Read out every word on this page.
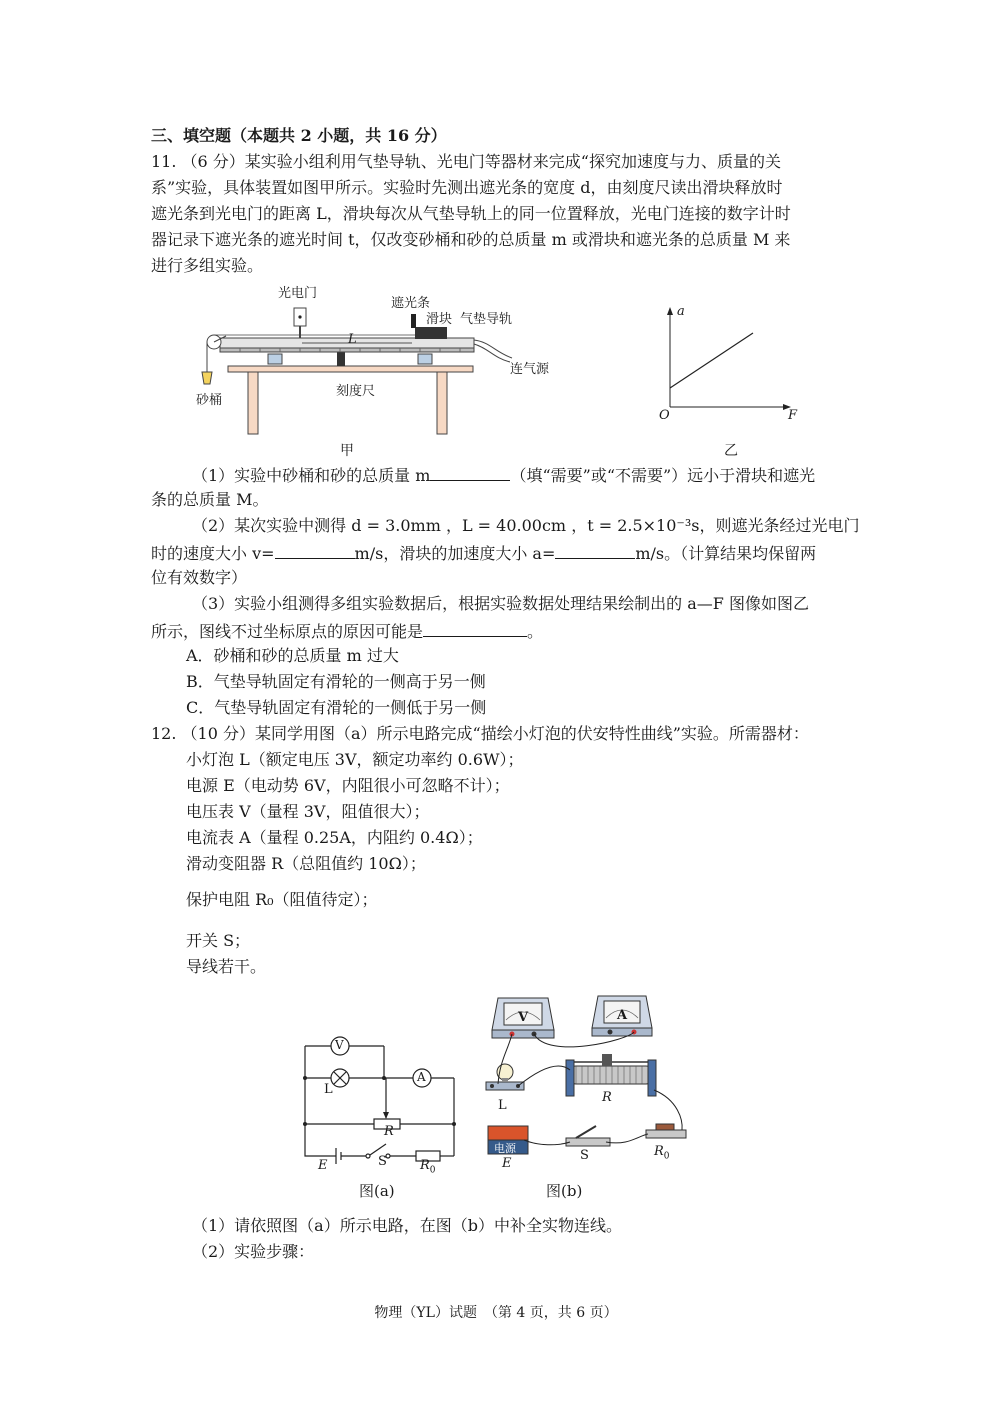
三、填空题（本题共 2 小题，共 16 分）
11. （6 分）某实验小组利用气垫导轨、光电门等器材来完成“探究加速度与力、质量的关
系”实验，具体装置如图甲所示。实验时先测出遮光条的宽度 d，由刻度尺读出滑块释放时
遮光条到光电门的距离 L，滑块每次从气垫导轨上的同一位置释放，光电门连接的数字计时
器记录下遮光条的遮光时间 t，仅改变砂桶和砂的总质量 m 或滑块和遮光条的总质量 M 来
进行多组实验。
光电门
遮光条
滑块 气垫导轨
L
连气源
刻度尺
砂桶
甲
a
F
O
乙
（1）实验中砂桶和砂的总质量 m	（填“需要”或“不需要”）远小于滑块和遮光
条的总质量 M。
（2）某次实验中测得 d = 3.0mm ，L = 40.00cm ，t = 2.5×10⁻³s，则遮光条经过光电门
时的速度大小 v=	m/s，滑块的加速度大小 a=	m/s。（计算结果均保留两
位有效数字）
（3）实验小组测得多组实验数据后，根据实验数据处理结果绘制出的 a—F 图像如图乙
所示，图线不过坐标原点的原因可能是	。
A．砂桶和砂的总质量 m 过大
B．气垫导轨固定有滑轮的一侧高于另一侧
C．气垫导轨固定有滑轮的一侧低于另一侧
12. （10 分）某同学用图（a）所示电路完成“描绘小灯泡的伏安特性曲线”实验。所需器材：
小灯泡 L（额定电压 3V，额定功率约 0.6W）；
电源 E（电动势 6V，内阻很小可忽略不计）；
电压表 V（量程 3V，阻值很大）；
电流表 A（量程 0.25A，内阻约 0.4Ω）；
滑动变阻器 R（总阻值约 10Ω）；
保护电阻 R₀（阻值待定）；
开关 S；
导线若干。
V
A
L
R
E	S	$R_0$
图(a)
V	A
L
R
电源
E
S	$R_0$
图(b)
（1）请依照图（a）所示电路，在图（b）中补全实物连线。
（2）实验步骤：
物理（YL）试题　（第 4 页，共 6 页）
